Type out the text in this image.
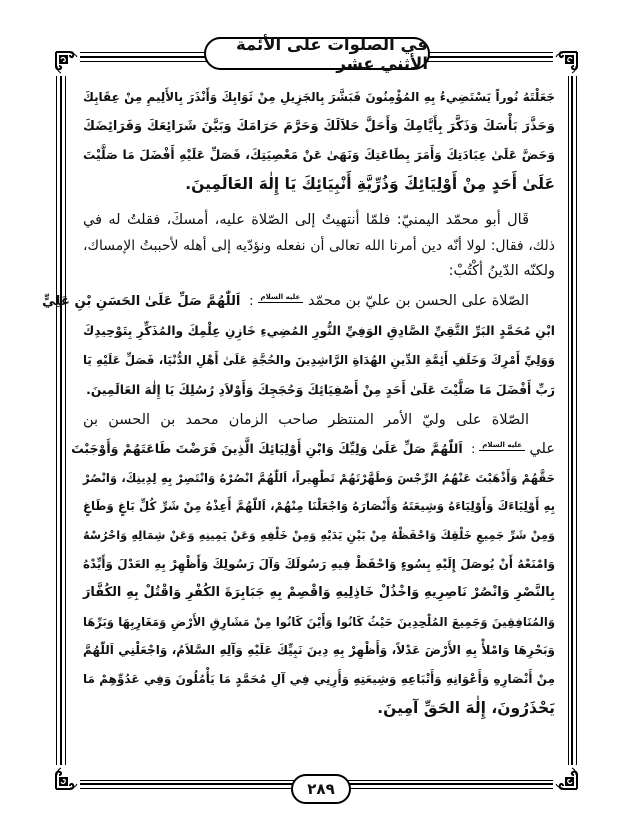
في الصلوات على الأئمة الأثني عشر
جَعَلْتَهُ نُوراً يَسْتَضِيءُ بِهِ المُؤْمِنُونَ فَبَشَّرَ بِالجَزِيلِ مِنْ ثَوَابِكَ وَأَنْذَرَ بِالأَلِيمِ مِنْ عِقَابِكَ
وَحَذَّرَ بَأْسَكَ وَذَكَّرَ بِأَيَّامِكَ وَأَحَلَّ حَلاَلَكَ وَحَرَّمَ حَرَامَكَ وَبَيَّنَ شَرَائِعَكَ وَفَرَائِضَكَ
وَحَضَّ عَلَىٰ عِبَادَتِكَ وَأَمَرَ بِطَاعَتِكَ وَنَهَىٰ عَنْ مَعْصِيَتِكَ، فَصَلِّ عَلَيْهِ أَفْضَلَ مَا صَلَّيْتَ
عَلَىٰ أَحَدٍ مِنْ أَوْلِيَائِكَ وَذُرِّيَّةِ أَنْبِيَائِكَ يَا إِلٰهَ العَالَمِينَ.
قَال أبو محمّد اليمنيّ: فلمّا أنتهيتُ إلى الصّلاة عليه، أمسكَ، فقلتُ له في
ذلك، فقال: لولا أنّه دين أمرنا الله تعالى أن نفعله ونؤدّيه إلى أهله لأحببتُ الإمساك،
ولكنّه الدّينُ أكْتُبْ:
الصّلاة على الحسن بن عليّ بن محمّد عليه السلام: اَللّٰهُمَّ صَلِّ عَلَىٰ الحَسَنِ بْنِ عَلِيٍّ
ابْنِ مُحَمَّدٍ البَرِّ التَّقِيِّ الصَّادِقِ الوَفِيِّ النُّورِ المُضِيءِ خَازِنِ عِلْمِكَ والمُذَكِّرِ بِتَوْحِيدِكَ
وَوَلِيِّ أَمْرِكَ وَخَلَفِ أَئِمَّةِ الدِّينِ الهُدَاةِ الرَّاشِدِينَ والحُجَّةِ عَلَىٰ أَهْلِ الدُّنْيَا، فَصَلِّ عَلَيْهِ يَا
رَبِّ أَفْضَلَ مَا صَلَّيْتَ عَلَىٰ أَحَدٍ مِنْ أَصْفِيَائِكَ وَحُجَجِكَ وَأَوْلاَدِ رُسُلِكَ يَا إِلٰهَ العَالَمِينَ.
الصّلاة على وليّ الأمر المنتظر صاحب الزمان محمد بن الحسن بن
علي عليه السلام: اَللّٰهُمَّ صَلِّ عَلَىٰ وَلِيِّكَ وَابْنِ أَوْلِيَائِكَ الَّذِينَ فَرَضْتَ طَاعَتَهُمْ وَأَوْجَبْتَ
حَقَّهُمْ وَأَذْهَبْتَ عَنْهُمُ الرِّجْسَ وَطَهَّرْتَهُمْ تَطْهِيراً، اَللّٰهُمَّ انْصُرْهُ وَانْتَصِرْ بِهِ لِدِينِكَ، وَانْصُرْ
بِهِ أَوْلِيَاءَكَ وَأَوْلِيَاءَهُ وَشِيعَتَهُ وَأَنْصَارَهُ وَاجْعَلْنَا مِنْهُمْ، اَللّٰهُمَّ أَعِذْهُ مِنْ شَرِّ كُلِّ بَاغٍ وَطَاغٍ
وَمِنْ شَرِّ جَمِيعِ خَلْقِكَ وَاحْفَظْهُ مِنْ بَيْنِ يَدَيْهِ وَمِنْ خَلْفِهِ وَعَنْ يَمِينِهِ وَعَنْ شِمَالِهِ وَاحْرُسْهُ
وَامْنَعْهُ أَنْ يُوصَلَ إِلَيْهِ بِسُوءٍ وَاحْفَظْ فِيهِ رَسُولَكَ وَآلَ رَسُولِكَ وَأَظْهِرْ بِهِ العَدْلَ وَأَيِّدْهُ
بِالنَّصْرِ وَانْصُرْ نَاصِرِيهِ وَاخْذُلْ خَاذِلِيهِ وَاقْصِمْ بِهِ جَبَابِرَةَ الكُفْرِ وَاقْتُلْ بِهِ الكُفَّارَ
وَالمُنَافِقِينَ وَجَمِيعَ المُلْحِدِينَ حَيْثُ كَانُوا وَأَيْنَ كَانُوا مِنْ مَشَارِقِ الأَرْضِ وَمَغَارِبِهَا وَبَرِّهَا
وَبَحْرِهَا وَامْلأْ بِهِ الأَرْضَ عَدْلاً، وَأَظْهِرْ بِهِ دِينَ نَبِيِّكَ عَلَيْهِ وَآلِهِ السَّلاَمُ، وَاجْعَلْنِي اَللّٰهُمَّ
مِنْ أَنْصَارِهِ وَأَعْوَانِهِ وَأَتْبَاعِهِ وَشِيعَتِهِ وَأَرِنِي فِي آلِ مُحَمَّدٍ مَا يَأْمُلُونَ وَفِي عَدُوِّهِمْ مَا
يَحْذَرُونَ، إِلٰهَ الحَقِّ آمِينَ.
٢٨٩
